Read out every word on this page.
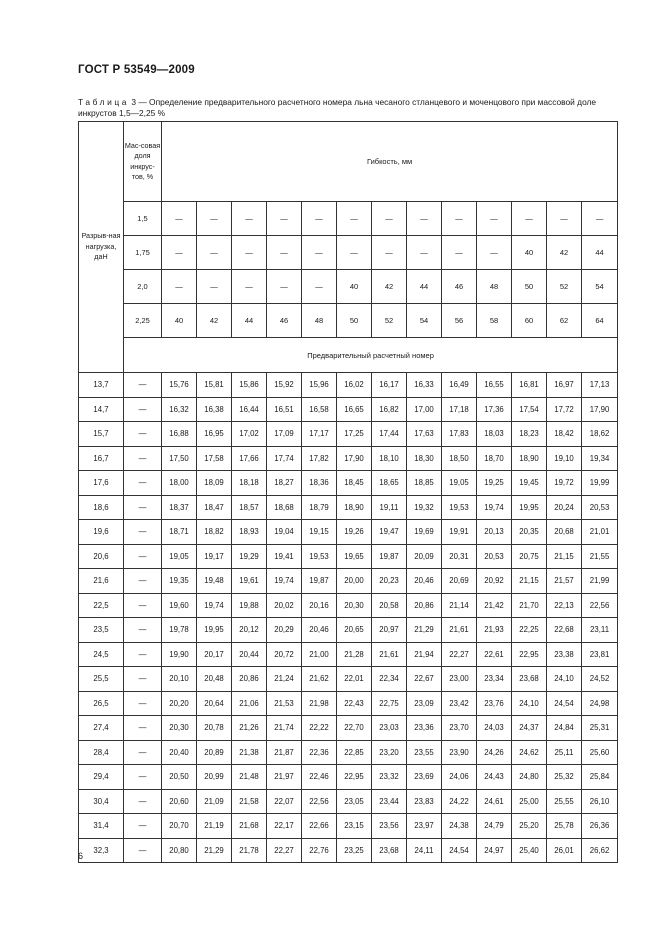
ГОСТ Р 53549—2009
Таблица 3 — Определение предварительного расчетного номера льна чесаного стланцевого и моченцового при массовой доле инкрустов 1,5—2,25 %
Разрыв-ная нагрузка, даН	Мас-совая доля инкрус-тов, %	Гибкость, мм												
	1,5	—	—	—	—	—	—	—	—	—	—	—	—	—
	1,75	—	—	—	—	—	—	—	—	—	—	40	42	44
	2,0	—	—	—	—	—	40	42	44	46	48	50	52	54
	2,25	40	42	44	46	48	50	52	54	56	58	60	62	64
	Предварительный расчетный номер													
13,7	—	15,76	15,81	15,86	15,92	15,96	16,02	16,17	16,33	16,49	16,55	16,81	16,97	17,13
14,7	—	16,32	16,38	16,44	16,51	16,58	16,65	16,82	17,00	17,18	17,36	17,54	17,72	17,90
15,7	—	16,88	16,95	17,02	17,09	17,17	17,25	17,44	17,63	17,83	18,03	18,23	18,42	18,62
16,7	—	17,50	17,58	17,66	17,74	17,82	17,90	18,10	18,30	18,50	18,70	18,90	19,10	19,34
17,6	—	18,00	18,09	18,18	18,27	18,36	18,45	18,65	18,85	19,05	19,25	19,45	19,72	19,99
18,6	—	18,37	18,47	18,57	18,68	18,79	18,90	19,11	19,32	19,53	19,74	19,95	20,24	20,53
19,6	—	18,71	18,82	18,93	19,04	19,15	19,26	19,47	19,69	19,91	20,13	20,35	20,68	21,01
20,6	—	19,05	19,17	19,29	19,41	19,53	19,65	19,87	20,09	20,31	20,53	20,75	21,15	21,55
21,6	—	19,35	19,48	19,61	19,74	19,87	20,00	20,23	20,46	20,69	20,92	21,15	21,57	21,99
22,5	—	19,60	19,74	19,88	20,02	20,16	20,30	20,58	20,86	21,14	21,42	21,70	22,13	22,56
23,5	—	19,78	19,95	20,12	20,29	20,46	20,65	20,97	21,29	21,61	21,93	22,25	22,68	23,11
24,5	—	19,90	20,17	20,44	20,72	21,00	21,28	21,61	21,94	22,27	22,61	22,95	23,38	23,81
25,5	—	20,10	20,48	20,86	21,24	21,62	22,01	22,34	22,67	23,00	23,34	23,68	24,10	24,52
26,5	—	20,20	20,64	21,06	21,53	21,98	22,43	22,75	23,09	23,42	23,76	24,10	24,54	24,98
27,4	—	20,30	20,78	21,26	21,74	22,22	22,70	23,03	23,36	23,70	24,03	24,37	24,84	25,31
28,4	—	20,40	20,89	21,38	21,87	22,36	22,85	23,20	23,55	23,90	24,26	24,62	25,11	25,60
29,4	—	20,50	20,99	21,48	21,97	22,46	22,95	23,32	23,69	24,06	24,43	24,80	25,32	25,84
30,4	—	20,60	21,09	21,58	22,07	22,56	23,05	23,44	23,83	24,22	24,61	25,00	25,55	26,10
31,4	—	20,70	21,19	21,68	22,17	22,66	23,15	23,56	23,97	24,38	24,79	25,20	25,78	26,36
32,3	—	20,80	21,29	21,78	22,27	22,76	23,25	23,68	24,11	24,54	24,97	25,40	26,01	26,62
6
